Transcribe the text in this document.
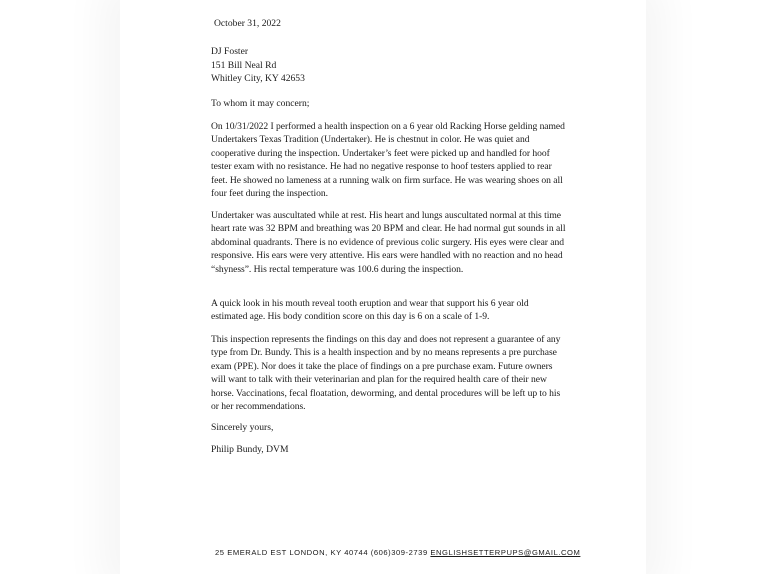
October 31, 2022
DJ Foster
151 Bill Neal Rd
Whitley City, KY 42653
To whom it may concern;

On 10/31/2022 I performed a health inspection on a 6 year old Racking Horse gelding named Undertakers Texas Tradition (Undertaker). He is chestnut in color. He was quiet and cooperative during the inspection. Undertaker’s feet were picked up and handled for hoof tester exam with no resistance. He had no negative response to hoof testers applied to rear feet. He showed no lameness at a running walk on firm surface. He was wearing shoes on all four feet during the inspection.

Undertaker was auscultated while at rest. His heart and lungs auscultated normal at this time heart rate was 32 BPM and breathing was 20 BPM and clear. He had normal gut sounds in all abdominal quadrants. There is no evidence of previous colic surgery. His eyes were clear and responsive. His ears were very attentive. His ears were handled with no reaction and no head “shyness”. His rectal temperature was 100.6 during the inspection.

A quick look in his mouth reveal tooth eruption and wear that support his 6 year old estimated age. His body condition score on this day is 6 on a scale of 1-9.

This inspection represents the findings on this day and does not represent a guarantee of any type from Dr. Bundy. This is a health inspection and by no means represents a pre purchase exam (PPE). Nor does it take the place of findings on a pre purchase exam. Future owners will want to talk with their veterinarian and plan for the required health care of their new horse. Vaccinations, fecal floatation, deworming, and dental procedures will be left up to his or her recommendations.

Sincerely yours,
Philip Bundy, DVM
25 EMERALD EST LONDON, KY 40744 (606)309-2739 ENGLISHSETTERPUPS@GMAIL.COM
